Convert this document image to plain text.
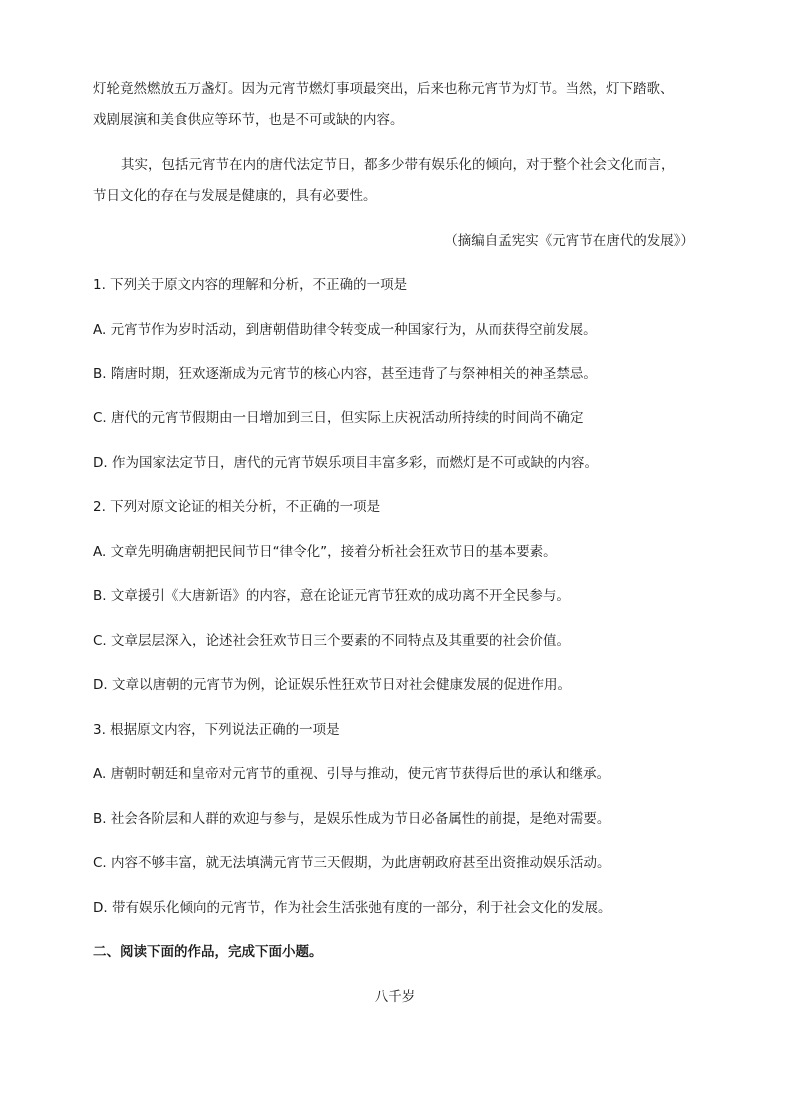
灯轮竟然燃放五万盏灯。因为元宵节燃灯事项最突出，后来也称元宵节为灯节。当然，灯下踏歌、
戏剧展演和美食供应等环节，也是不可或缺的内容。
其实，包括元宵节在内的唐代法定节日，都多少带有娱乐化的倾向，对于整个社会文化而言，
节日文化的存在与发展是健康的，具有必要性。
（摘编自孟宪实《元宵节在唐代的发展》）
1. 下列关于原文内容的理解和分析，不正确的一项是
A. 元宵节作为岁时活动，到唐朝借助律令转变成一种国家行为，从而获得空前发展。
B. 隋唐时期，狂欢逐渐成为元宵节的核心内容，甚至违背了与祭神相关的神圣禁忌。
C. 唐代的元宵节假期由一日增加到三日，但实际上庆祝活动所持续的时间尚不确定
D. 作为国家法定节日，唐代的元宵节娱乐项目丰富多彩，而燃灯是不可或缺的内容。
2. 下列对原文论证的相关分析，不正确的一项是
A. 文章先明确唐朝把民间节日“律令化”，接着分析社会狂欢节日的基本要素。
B. 文章援引《大唐新语》的内容，意在论证元宵节狂欢的成功离不开全民参与。
C. 文章层层深入，论述社会狂欢节日三个要素的不同特点及其重要的社会价值。
D. 文章以唐朝的元宵节为例，论证娱乐性狂欢节日对社会健康发展的促进作用。
3. 根据原文内容，下列说法正确的一项是
A. 唐朝时朝廷和皇帝对元宵节的重视、引导与推动，使元宵节获得后世的承认和继承。
B. 社会各阶层和人群的欢迎与参与，是娱乐性成为节日必备属性的前提，是绝对需要。
C. 内容不够丰富，就无法填满元宵节三天假期，为此唐朝政府甚至出资推动娱乐活动。
D. 带有娱乐化倾向的元宵节，作为社会生活张弛有度的一部分，利于社会文化的发展。
二、阅读下面的作品，完成下面小题。
八千岁
